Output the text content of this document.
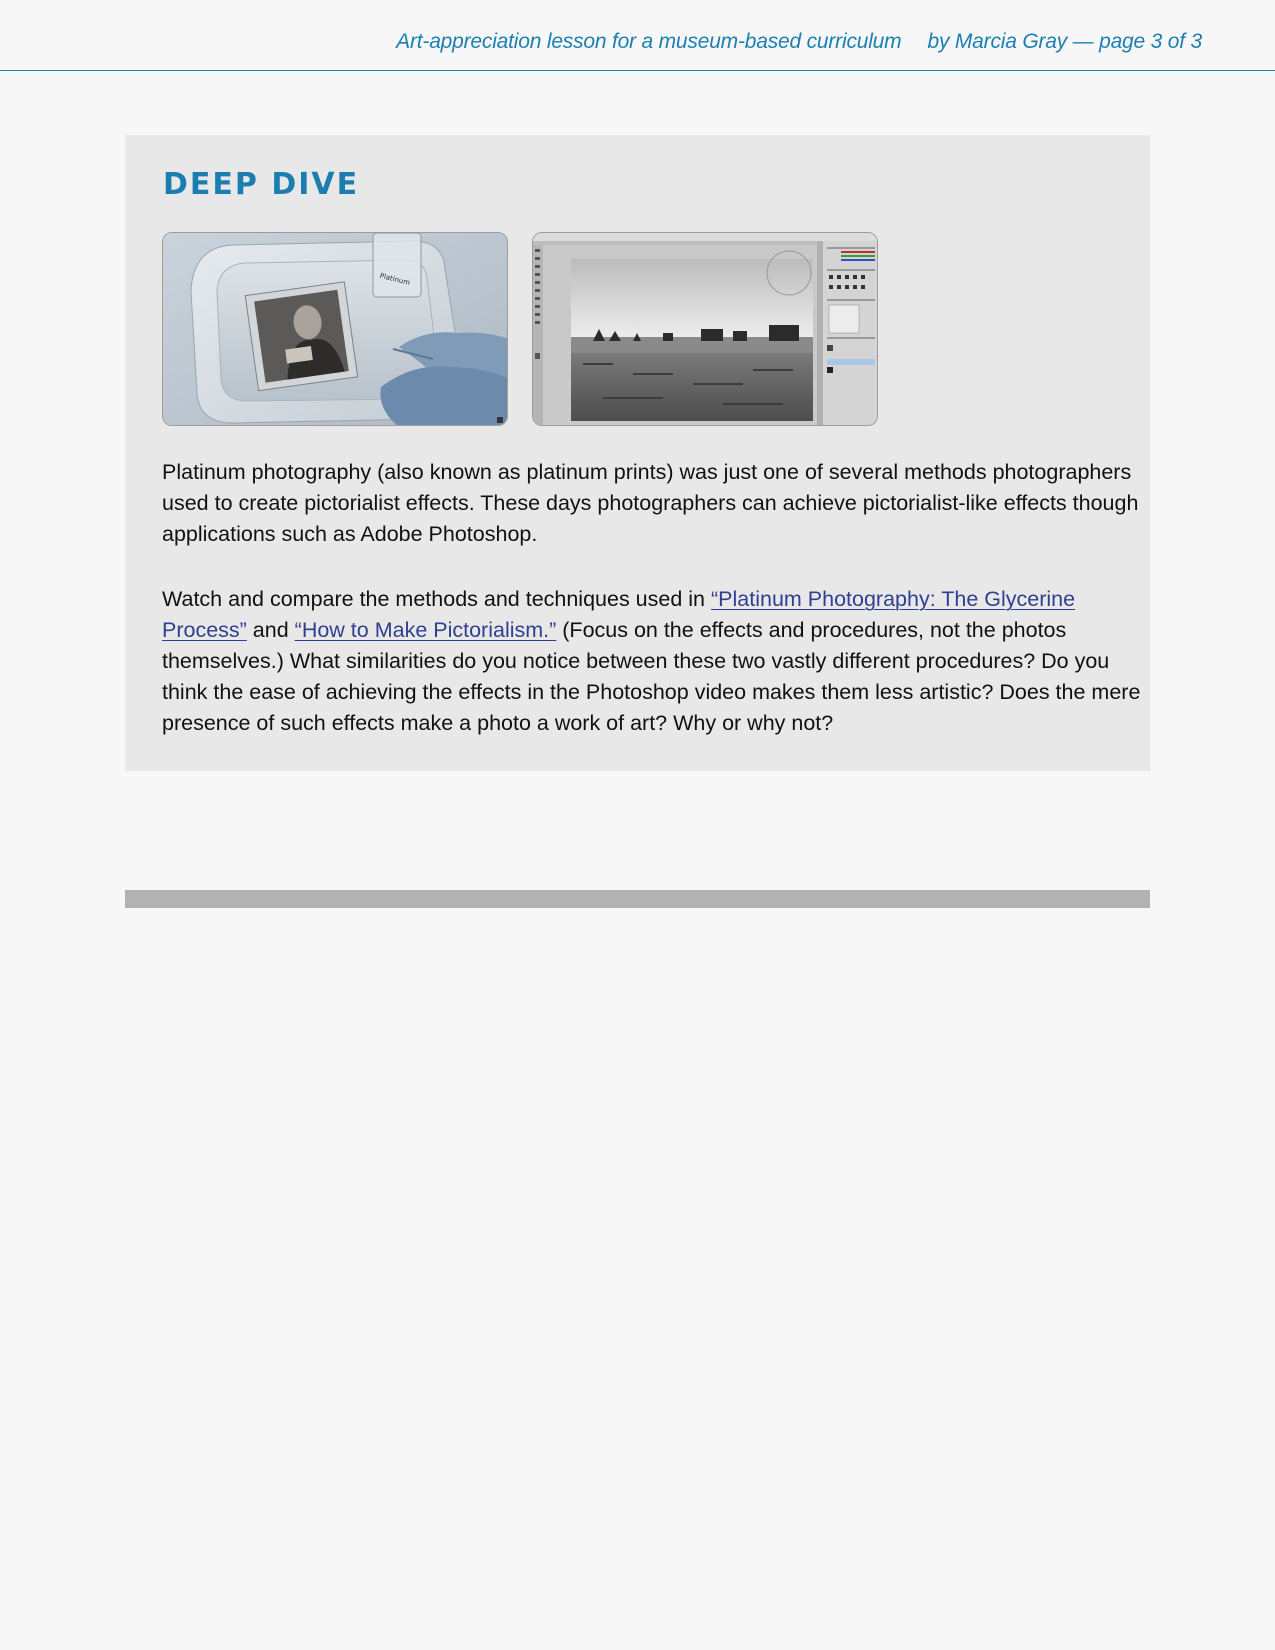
Art-appreciation lesson for a museum-based curriculum by Marcia Gray — page 3 of 3
DEEP DIVE
Platinum

Platinum photography (also known as platinum prints) was just one of several methods photographers used to create pictorialist effects. These days photographers can achieve pictorialist-like effects though applications such as Adobe Photoshop.

Watch and compare the methods and techniques used in “Platinum Photography: The Glycerine Process” and “How to Make Pictorialism.” (Focus on the effects and procedures, not the photos themselves.) What similarities do you notice between these two vastly different procedures? Do you think the ease of achieving the effects in the Photoshop video makes them less artistic? Does the mere presence of such effects make a photo a work of art? Why or why not?
